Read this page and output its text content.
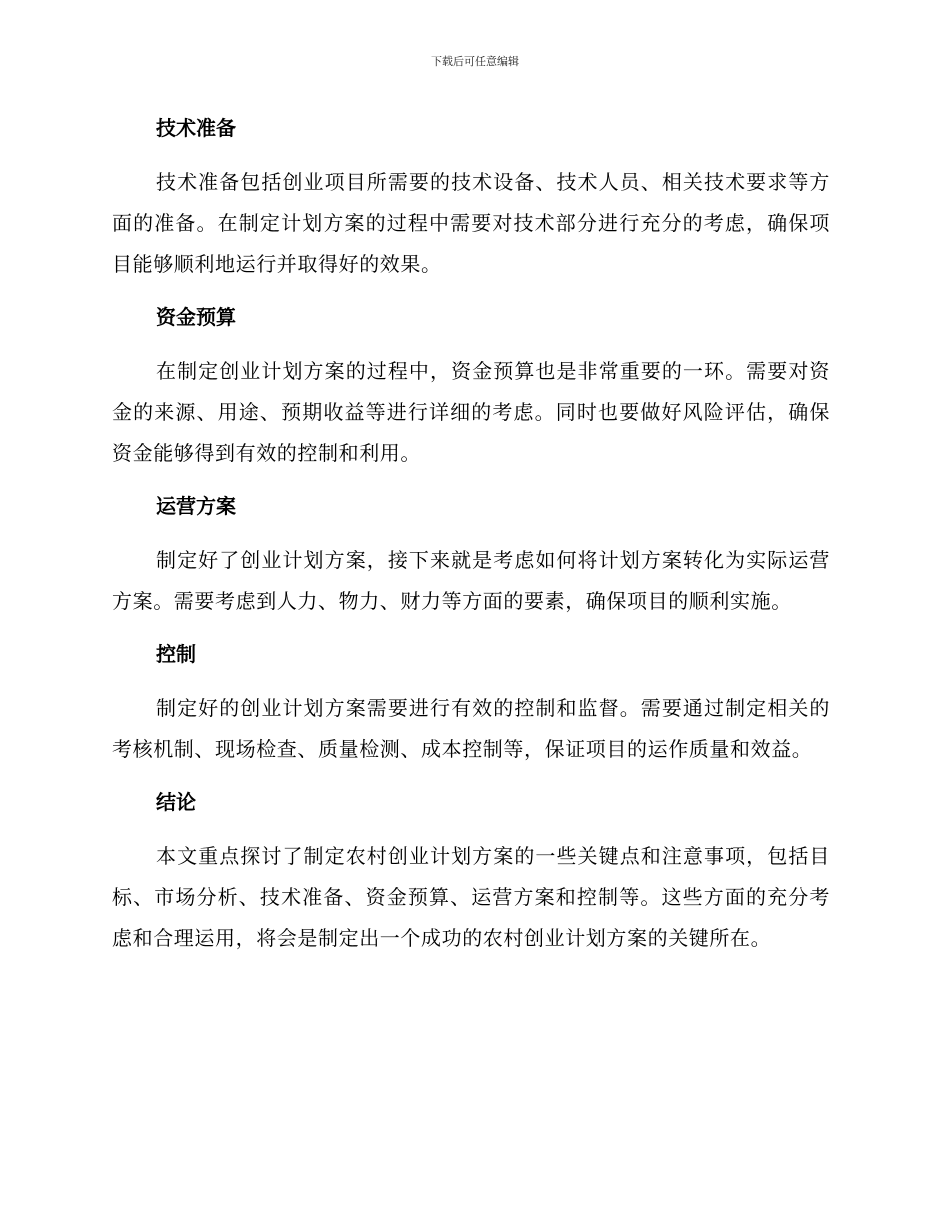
下载后可任意编辑
技术准备

技术准备包括创业项目所需要的技术设备、技术人员、相关技术要求等方面的准备。在制定计划方案的过程中需要对技术部分进行充分的考虑，确保项目能够顺利地运行并取得好的效果。

资金预算

在制定创业计划方案的过程中，资金预算也是非常重要的一环。需要对资金的来源、用途、预期收益等进行详细的考虑。同时也要做好风险评估，确保资金能够得到有效的控制和利用。

运营方案

制定好了创业计划方案，接下来就是考虑如何将计划方案转化为实际运营方案。需要考虑到人力、物力、财力等方面的要素，确保项目的顺利实施。

控制

制定好的创业计划方案需要进行有效的控制和监督。需要通过制定相关的考核机制、现场检查、质量检测、成本控制等，保证项目的运作质量和效益。

结论

本文重点探讨了制定农村创业计划方案的一些关键点和注意事项，包括目标、市场分析、技术准备、资金预算、运营方案和控制等。这些方面的充分考虑和合理运用，将会是制定出一个成功的农村创业计划方案的关键所在。
